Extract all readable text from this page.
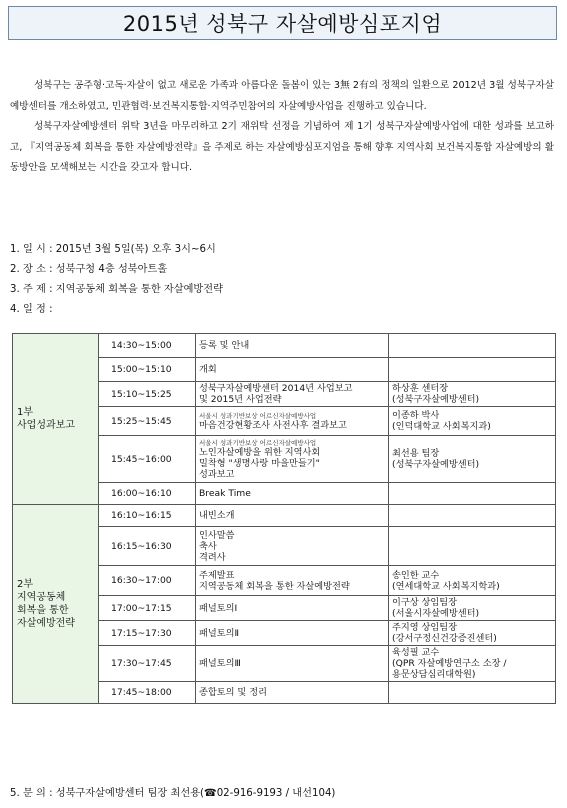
2015년 성북구 자살예방심포지엄

성북구는 공주형·고독·자살이 없고 새로운 가족과 아름다운 돌봄이 있는 3無 2有의 정책의 일환으로 2012년 3월 성북구자살예방센터를 개소하였고, 민관협력·보건복지통합·지역주민참여의 자살예방사업을 진행하고 있습니다.

성북구자살예방센터 위탁 3년을 마무리하고 2기 재위탁 선정을 기념하여 제 1기 성북구자살예방사업에 대한 성과를 보고하고, 『지역공동체 회복을 통한 자살예방전략』을 주제로 하는 자살예방심포지엄을 통해 향후 지역사회 보건복지통합 자살예방의 활동방안을 모색해보는 시간을 갖고자 합니다.

1. 일 시 : 2015년 3월 5일(목) 오후 3시~6시
2. 장 소 : 성북구청 4층 성북아트홀
3. 주 제 : 지역공동체 회복을 통한 자살예방전략
4. 일 정 :
1부
사업성과보고	14:30~15:00	등록 및 안내	

	15:00~15:10	개회	

	15:10~15:25	성북구자살예방센터 2014년 사업보고
및 2015년 사업전략	하상훈 센터장
(성북구자살예방센터)

	15:25~15:45	서울시 성과기반보상 어르신자살예방사업
마음건강현황조사 사전사후 결과보고	이종하 박사
(인덕대학교 사회복지과)

	15:45~16:00	서울시 성과기반보상 어르신자살예방사업
노인자살예방을 위한 지역사회
밀착형 "생명사랑 마을만들기"
성과보고	최선용 팀장
(성북구자살예방센터)

	16:00~16:10	Break Time	

2부
지역공동체
회복을 통한
자살예방전략	16:10~16:15	내빈소개	

	16:15~16:30	인사말씀
축사
격려사	

	16:30~17:00	주제발표
지역공동체 회복을 통한 자살예방전략	송인한 교수
(연세대학교 사회복지학과)

	17:00~17:15	패널토의Ⅰ	이구상 상임팀장
(서울시자살예방센터)

	17:15~17:30	패널토의Ⅱ	주지영 상임팀장
(강서구정신건강증진센터)

	17:30~17:45	패널토의Ⅲ	육성필 교수
(QPR 자살예방연구소 소장 /
용문상담심리대학원)

	17:45~18:00	종합토의 및 정리	

5. 문 의 : 성북구자살예방센터 팀장 최선용(☎02-916-9193 / 내선104)
